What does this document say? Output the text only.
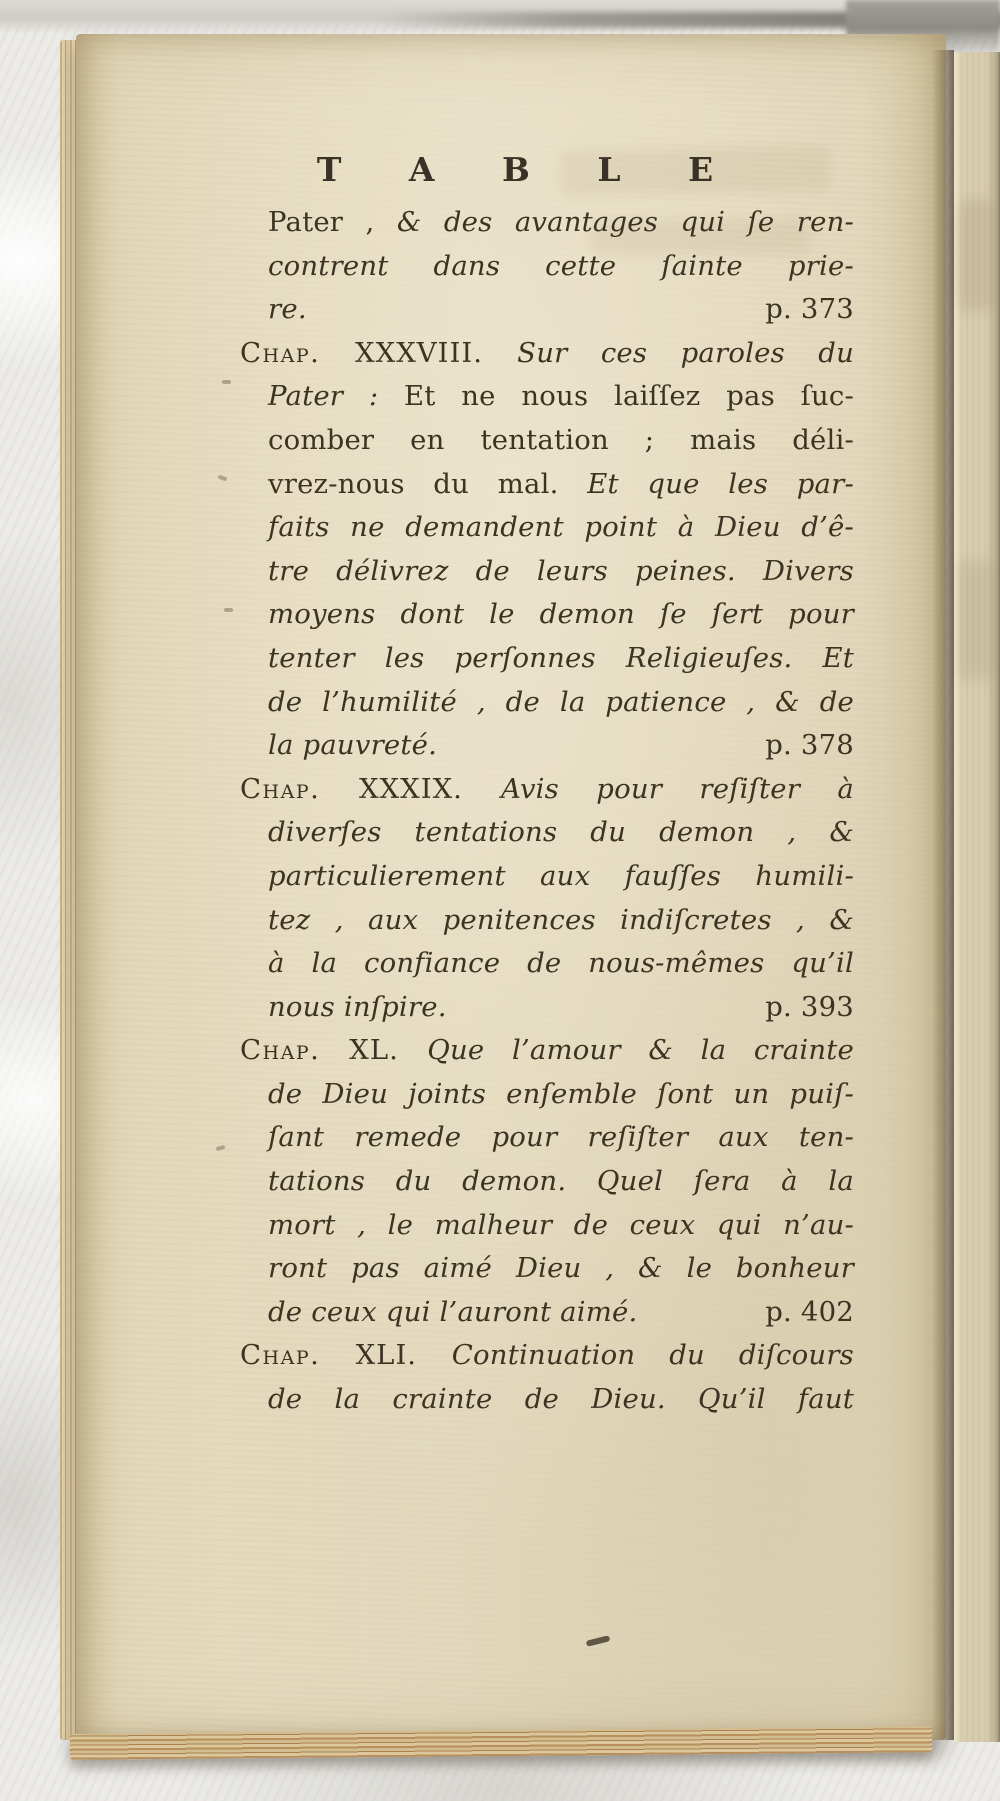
T A B L E
Pater , & des avantages qui ſe ren-
contrent dans cette ſainte prie-
re.	p. 373
Chap. XXXVIII. Sur ces paroles du
Pater : Et ne nous laiſſez pas ſuc-
comber en tentation ; mais déli-
vrez-nous du mal. Et que les par-
faits ne demandent point à Dieu d’ê-
tre délivrez de leurs peines. Divers
moyens dont le demon ſe ſert pour
tenter les perſonnes Religieuſes. Et
de l’humilité , de la patience , & de
la pauvreté.	p. 378
Chap. XXXIX. Avis pour reſiſter à
diverſes tentations du demon , &
particulierement aux fauſſes humili-
tez , aux penitences indiſcretes , &
à la confiance de nous-mêmes qu’il
nous inſpire.	p. 393
Chap. XL. Que l’amour & la crainte
de Dieu joints enſemble ſont un puiſ-
ſant remede pour reſiſter aux ten-
tations du demon. Quel ſera à la
mort , le malheur de ceux qui n’au-
ront pas aimé Dieu , & le bonheur
de ceux qui l’auront aimé.	p. 402
Chap. XLI. Continuation du diſcours
de la crainte de Dieu. Qu’il faut
